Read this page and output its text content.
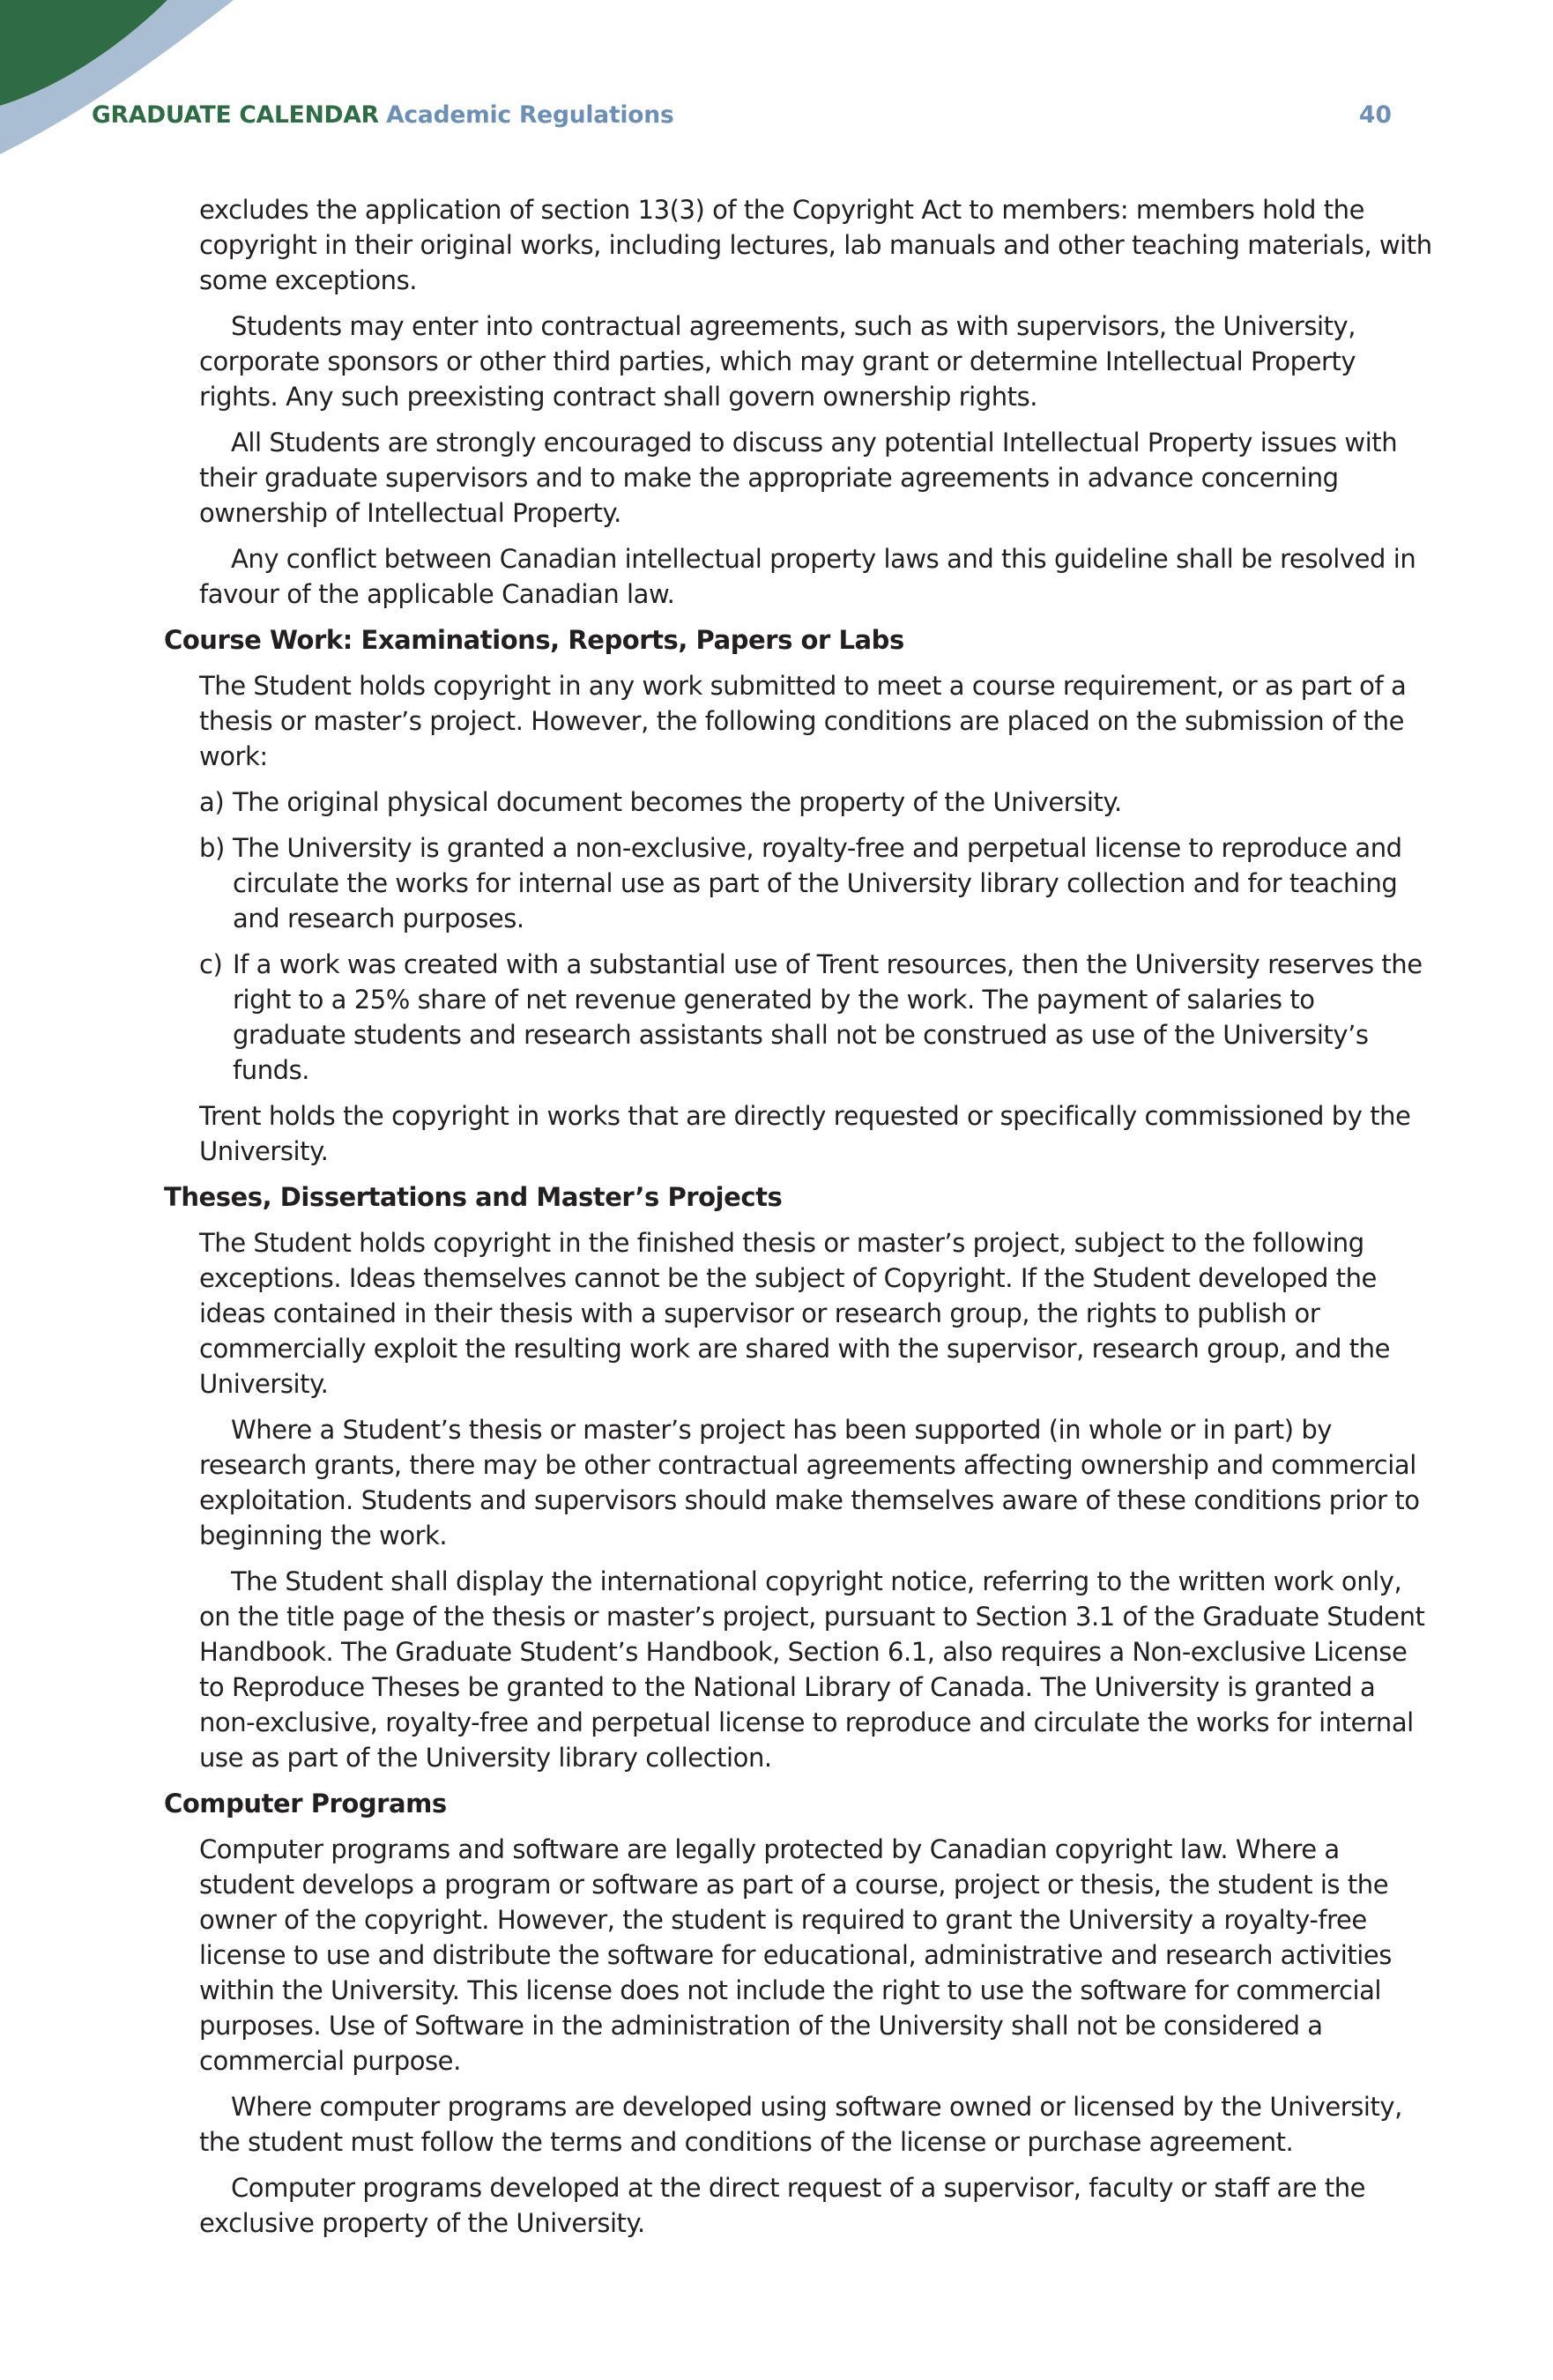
GRADUATE CALENDAR Academic Regulations	40

excludes the application of section 13(3) of the Copyright Act to members: members hold the copyright in their original works, including lectures, lab manuals and other teaching materials, with some exceptions.

Students may enter into contractual agreements, such as with supervisors, the University, corporate sponsors or other third parties, which may grant or determine Intellectual Property rights. Any such preexisting contract shall govern ownership rights.

All Students are strongly encouraged to discuss any potential Intellectual Property issues with their graduate supervisors and to make the appropriate agreements in advance concerning ownership of Intellectual Property.

Any conflict between Canadian intellectual property laws and this guideline shall be resolved in favour of the applicable Canadian law.

Course Work: Examinations, Reports, Papers or Labs

The Student holds copyright in any work submitted to meet a course requirement, or as part of a thesis or master’s project. However, the following conditions are placed on the submission of the work:

a) The original physical document becomes the property of the University.
b) The University is granted a non-exclusive, royalty-free and perpetual license to reproduce and circulate the works for internal use as part of the University library collection and for teaching and research purposes.
c) If a work was created with a substantial use of Trent resources, then the University reserves the right to a 25% share of net revenue generated by the work. The payment of salaries to graduate students and research assistants shall not be construed as use of the University’s funds.

Trent holds the copyright in works that are directly requested or specifically commissioned by the University.

Theses, Dissertations and Master’s Projects

The Student holds copyright in the finished thesis or master’s project, subject to the following exceptions. Ideas themselves cannot be the subject of Copyright. If the Student developed the ideas contained in their thesis with a supervisor or research group, the rights to publish or commercially exploit the resulting work are shared with the supervisor, research group, and the University.

Where a Student’s thesis or master’s project has been supported (in whole or in part) by research grants, there may be other contractual agreements affecting ownership and commercial exploitation. Students and supervisors should make themselves aware of these conditions prior to beginning the work.

The Student shall display the international copyright notice, referring to the written work only, on the title page of the thesis or master’s project, pursuant to Section 3.1 of the Graduate Student Handbook. The Graduate Student’s Handbook, Section 6.1, also requires a Non-exclusive License to Reproduce Theses be granted to the National Library of Canada. The University is granted a non-exclusive, royalty-free and perpetual license to reproduce and circulate the works for internal use as part of the University library collection.

Computer Programs

Computer programs and software are legally protected by Canadian copyright law. Where a student develops a program or software as part of a course, project or thesis, the student is the owner of the copyright. However, the student is required to grant the University a royalty-free license to use and distribute the software for educational, administrative and research activities within the University. This license does not include the right to use the software for commercial purposes. Use of Software in the administration of the University shall not be considered a commercial purpose.

Where computer programs are developed using software owned or licensed by the University, the student must follow the terms and conditions of the license or purchase agreement.

Computer programs developed at the direct request of a supervisor, faculty or staff are the exclusive property of the University.
